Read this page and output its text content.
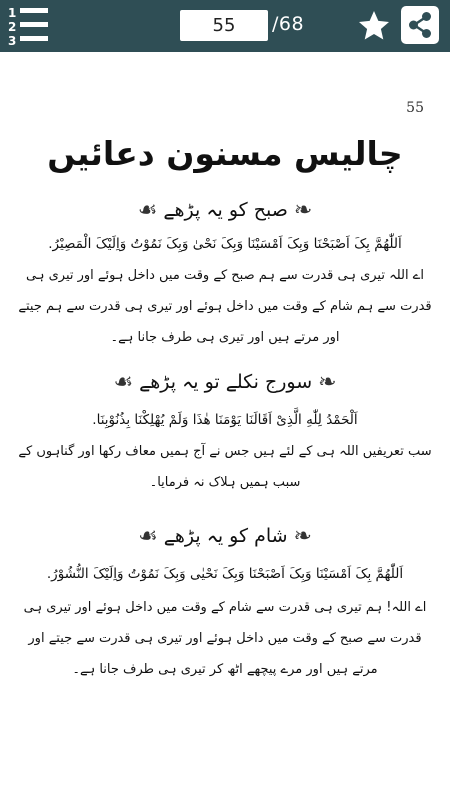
1
2
3
55
/68
55
چالیس مسنون دعائیں
❧صبح کو یہ پڑھے☙
اَللّٰھُمَّ بِکَ اَصْبَحْنَا وَبِکَ اَمْسَیْنَا وَبِکَ نَحْیٰ وَبِکَ نَمُوْتُ وَاِلَیْکَ الْمَصِیْرُ.
اے اللہ تیری ہی قدرت سے ہم صبح کے وقت میں داخل ہوئے اور تیری ہی قدرت سے ہم شام کے وقت میں داخل ہوئے اور تیری ہی قدرت سے ہم جیتے اور مرتے ہیں اور تیری ہی طرف جانا ہے۔
❧سورج نکلے تو یہ پڑھے☙
اَلْحَمْدُ لِلّٰهِ الَّذِیْ اَقَالَنَا یَوْمَنَا هٰذَا وَلَمْ یُهْلِکْنَا بِذُنُوْبِنَا.
سب تعریفیں اللہ ہی کے لئے ہیں جس نے آج ہمیں معاف رکھا اور گناہوں کے سبب ہمیں ہلاک نہ فرمایا۔
❧شام کو یہ پڑھے☙
اَللّٰھُمَّ بِکَ اَمْسَیْنَا وَبِکَ اَصْبَحْنَا وَبِکَ نَحْیٰی وَبِکَ نَمُوْتُ وَاِلَیْکَ النُّشُوْرُ.
اے اللہ! ہم تیری ہی قدرت سے شام کے وقت میں داخل ہوئے اور تیری ہی قدرت سے صبح کے وقت میں داخل ہوئے اور تیری ہی قدرت سے جیتے اور مرتے ہیں اور مرے پیچھے اٹھ کر تیری ہی طرف جانا ہے۔
